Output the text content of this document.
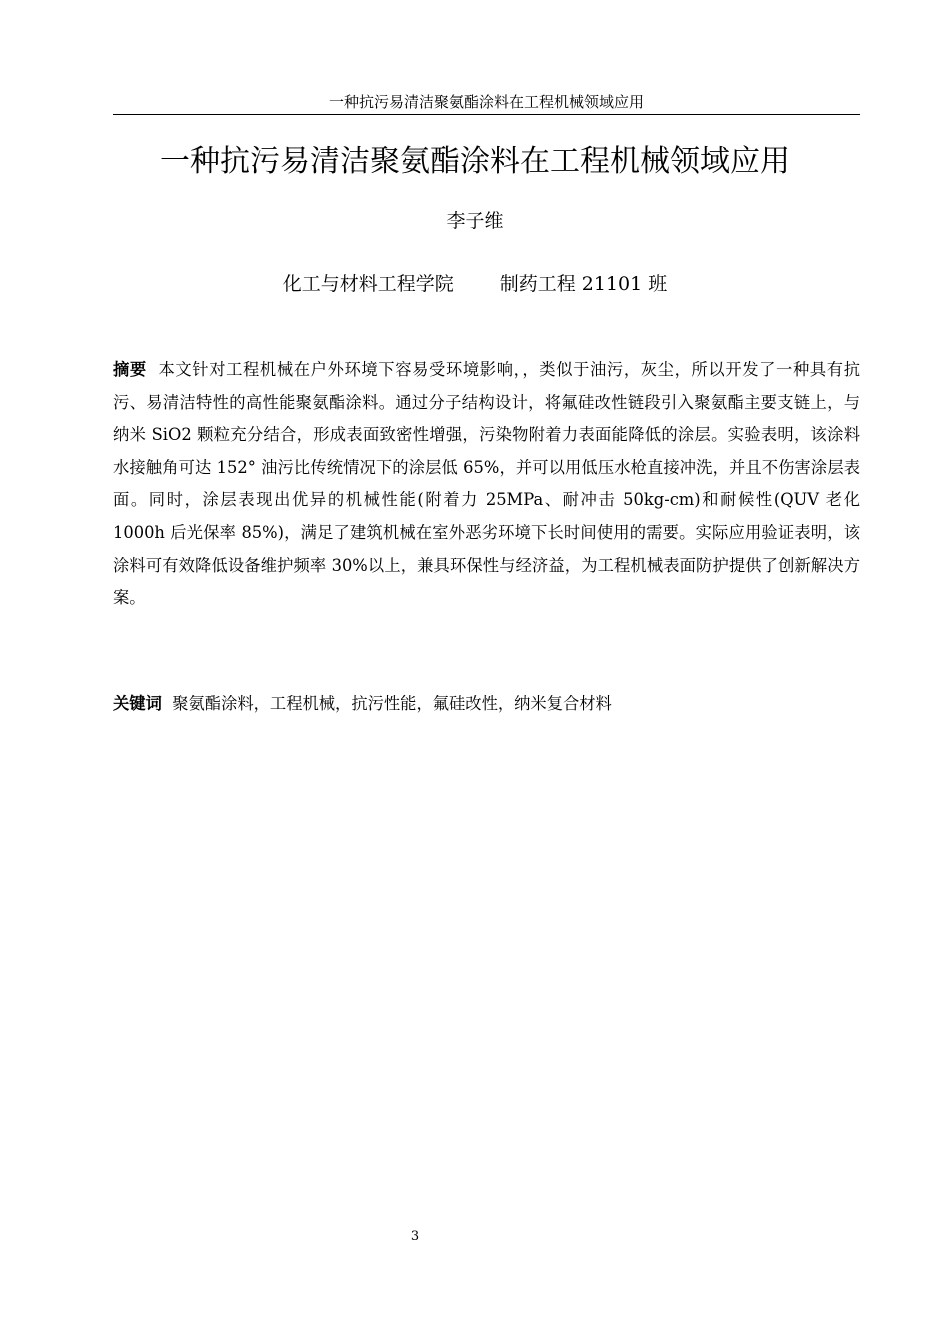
一种抗污易清洁聚氨酯涂料在工程机械领域应用
一种抗污易清洁聚氨酯涂料在工程机械领域应用
李子维
化工与材料工程学院 制药工程 21101 班

摘要 本文针对工程机械在户外环境下容易受环境影响，，类似于油污，灰尘，所以开发了一种具有抗污、易清洁特性的高性能聚氨酯涂料。通过分子结构设计，将氟硅改性链段引入聚氨酯主要支链上，与纳米 SiO2 颗粒充分结合，形成表面致密性增强，污染物附着力表面能降低的涂层。实验表明，该涂料水接触角可达 152° 油污比传统情况下的涂层低 65%，并可以用低压水枪直接冲洗，并且不伤害涂层表面。同时，涂层表现出优异的机械性能(附着力 25MPa、耐冲击 50kg-cm)和耐候性(QUV 老化 1000h 后光保率 85%)，满足了建筑机械在室外恶劣环境下长时间使用的需要。实际应用验证表明，该涂料可有效降低设备维护频率 30%以上，兼具环保性与经济益，为工程机械表面防护提供了创新解决方案。

关键词 聚氨酯涂料，工程机械，抗污性能，氟硅改性，纳米复合材料

3
